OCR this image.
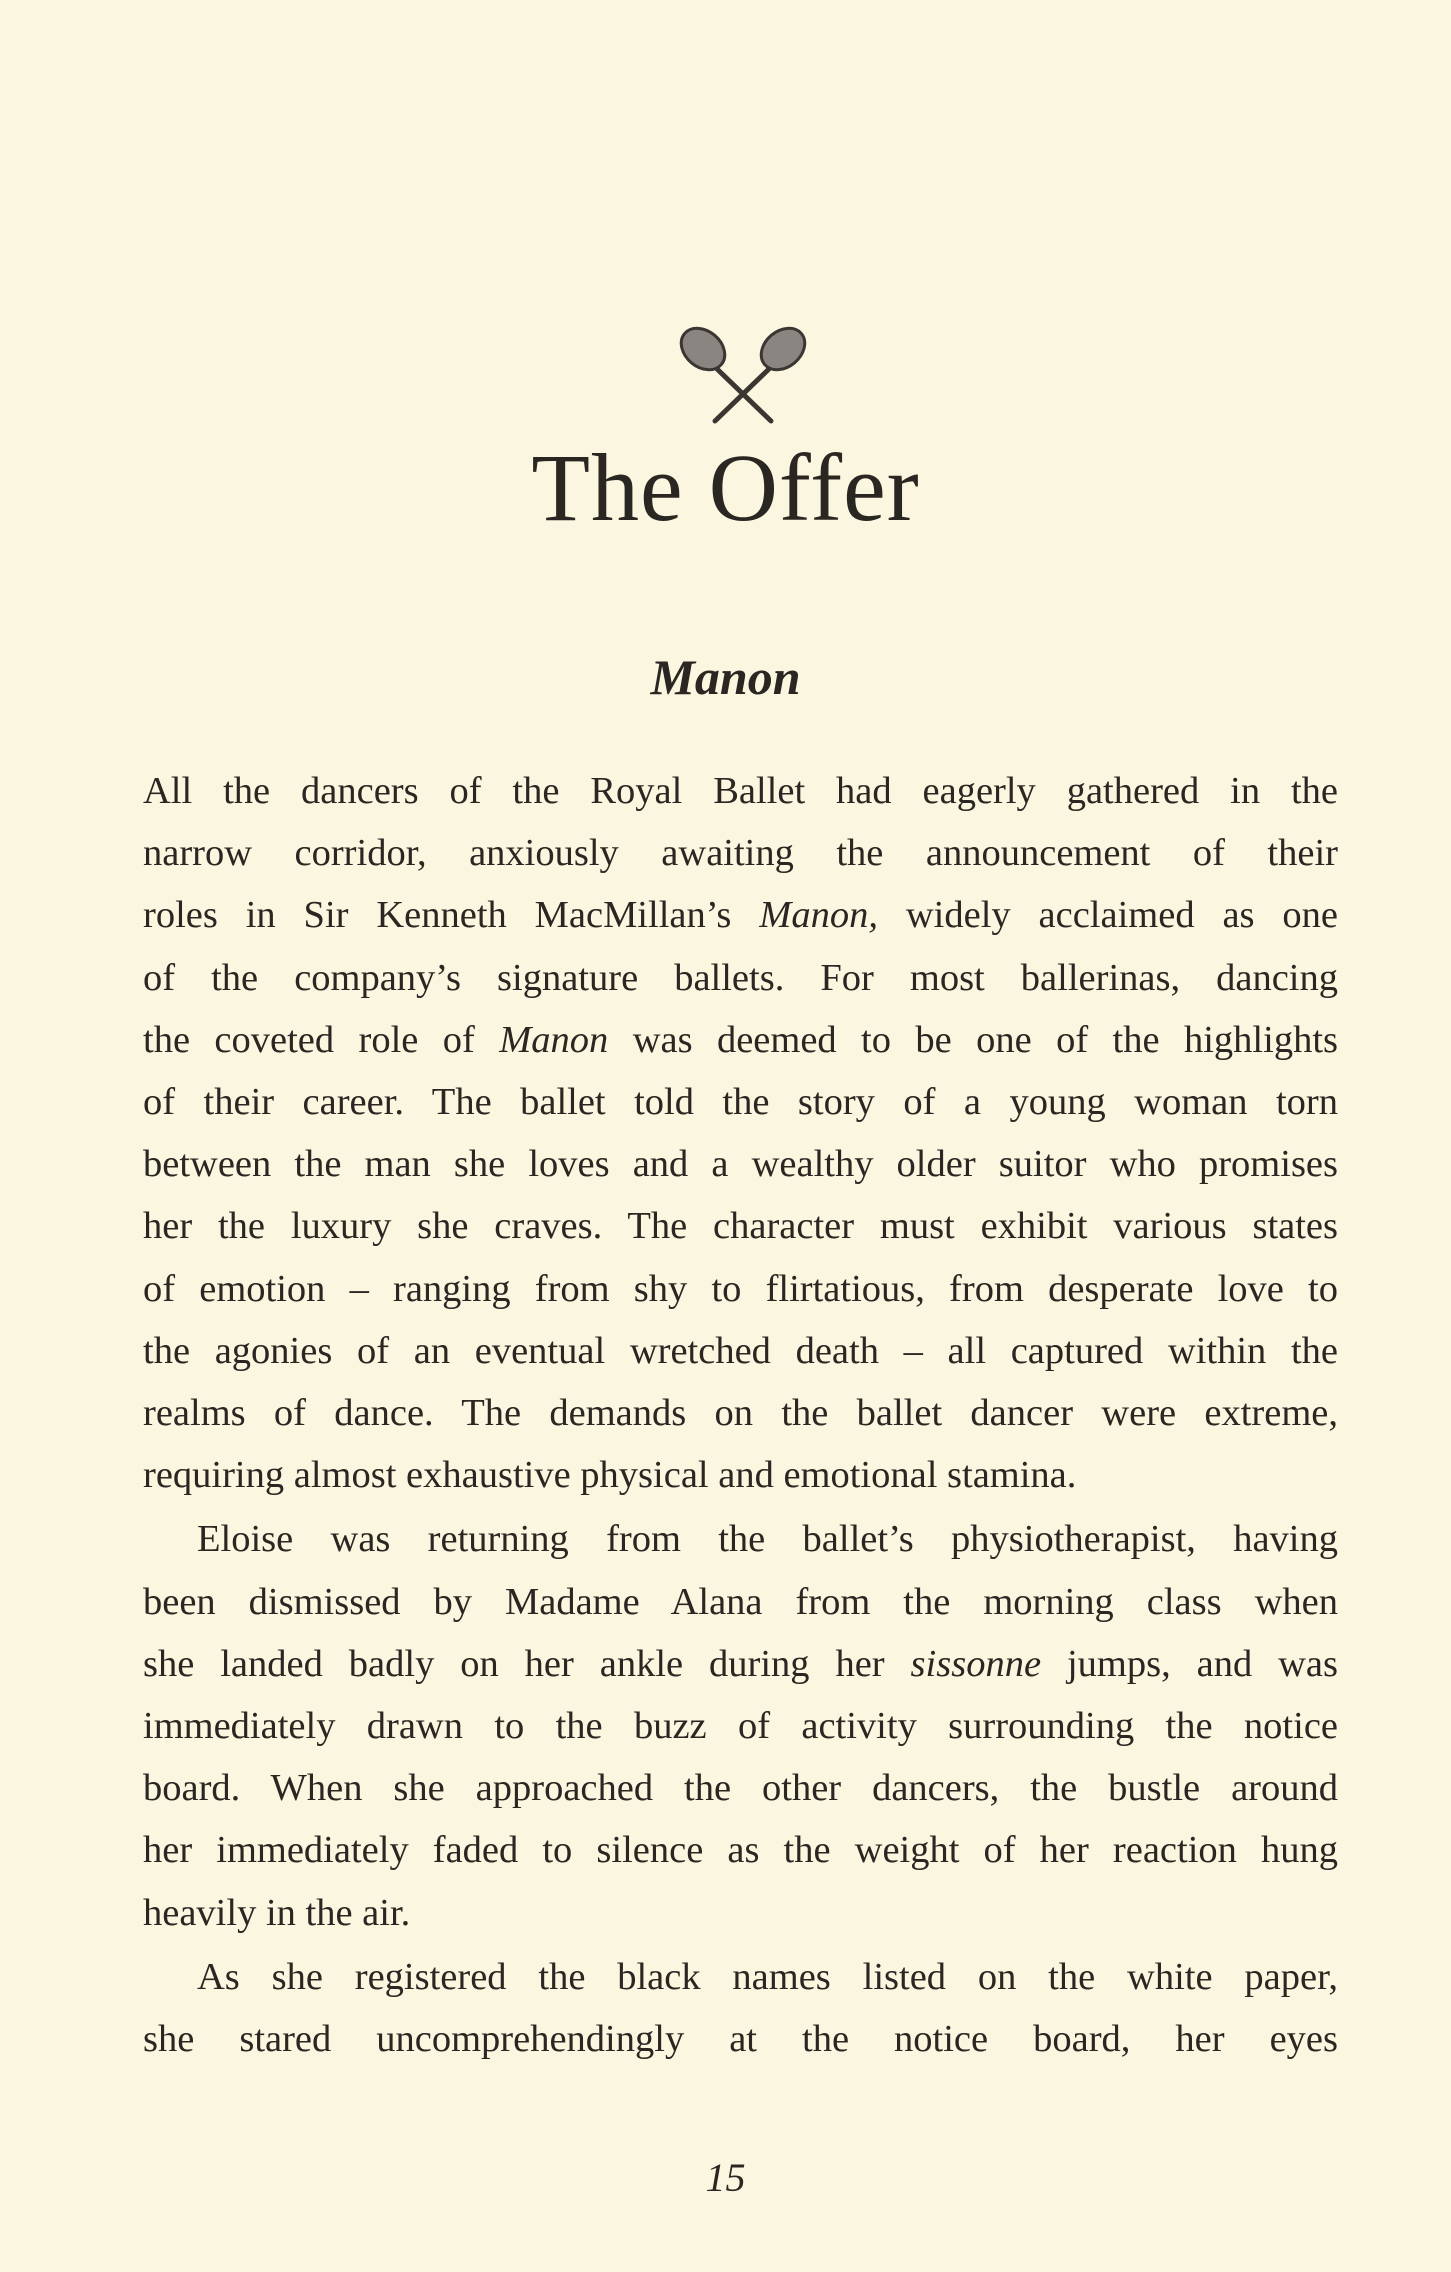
The Offer
Manon
All the dancers of the Royal Ballet had eagerly gathered in the
narrow corridor, anxiously awaiting the announcement of their
roles in Sir Kenneth MacMillan’s Manon, widely acclaimed as one
of the company’s signature ballets. For most ballerinas, dancing
the coveted role of Manon was deemed to be one of the highlights
of their career. The ballet told the story of a young woman torn
between the man she loves and a wealthy older suitor who promises
her the luxury she craves. The character must exhibit various states
of emotion – ranging from shy to flirtatious, from desperate love to
the agonies of an eventual wretched death – all captured within the
realms of dance. The demands on the ballet dancer were extreme,
requiring almost exhaustive physical and emotional stamina.
Eloise was returning from the ballet’s physiotherapist, having
been dismissed by Madame Alana from the morning class when
she landed badly on her ankle during her sissonne jumps, and was
immediately drawn to the buzz of activity surrounding the notice
board. When she approached the other dancers, the bustle around
her immediately faded to silence as the weight of her reaction hung
heavily in the air.
As she registered the black names listed on the white paper,
she stared uncomprehendingly at the notice board, her eyes
15
